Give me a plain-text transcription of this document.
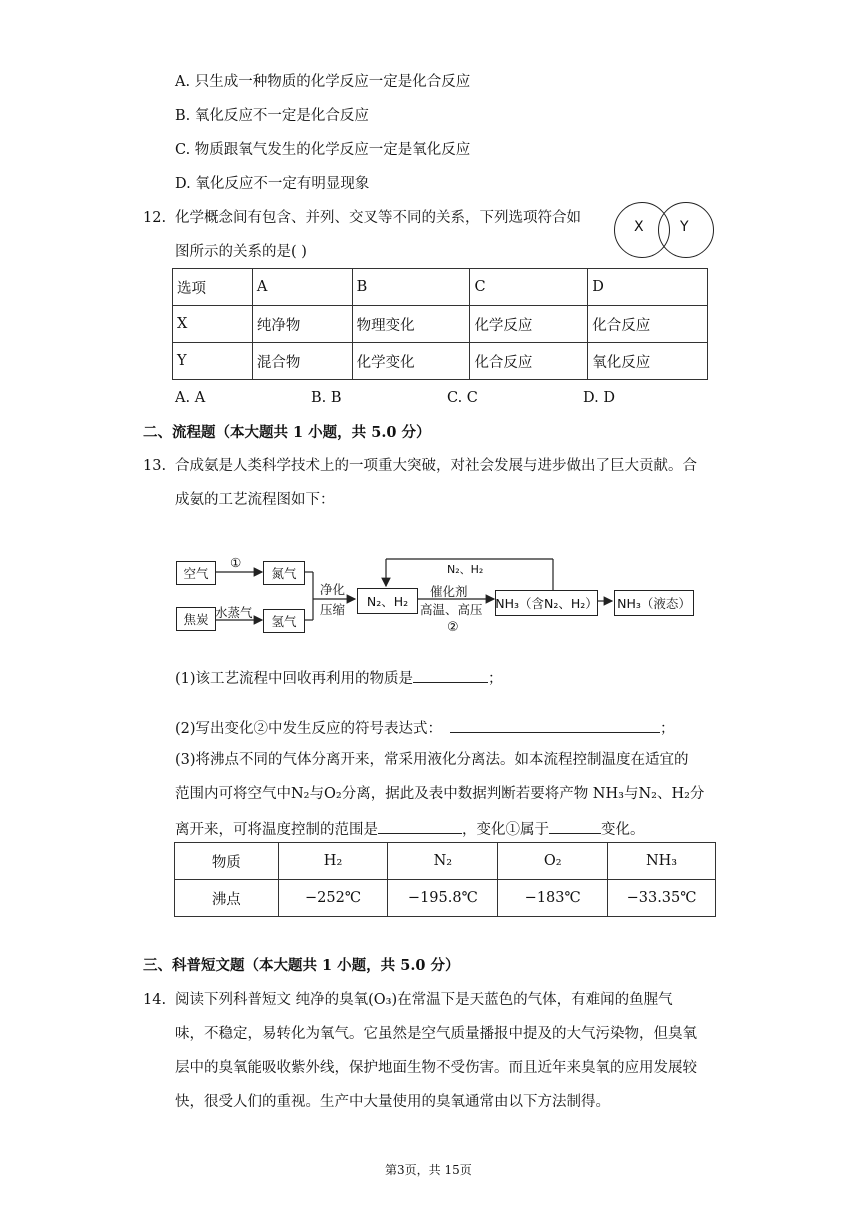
A. 只生成一种物质的化学反应一定是化合反应
B. 氧化反应不一定是化合反应
C. 物质跟氧气发生的化学反应一定是氧化反应
D. 氧化反应不一定有明显现象
12. 化学概念间有包含、并列、交叉等不同的关系，下列选项符合如
图所示的关系的是( )
X	Y
选项	A	B	C	D
X	纯净物	物理变化	化学反应	化合反应
Y	混合物	化学变化	化合反应	氧化反应
A. A	B. B	C. C	D. D
二、流程题（本大题共 1 小题，共 5.0 分）
13. 合成氨是人类科学技术上的一项重大突破，对社会发展与进步做出了巨大贡献。合
成氨的工艺流程图如下：
空气
①
氮气
焦炭 水蒸气
氢气
净化
压缩
N₂、H₂
N₂、H₂
催化剂
高温、高压
②
NH₃（含N₂、H₂） NH₃（液态）
(1)该工艺流程中回收再利用的物质是	；
(2)写出变化②中发生反应的符号表达式：	；
(3)将沸点不同的气体分离开来，常采用液化分离法。如本流程控制温度在适宜的
范围内可将空气中N₂与O₂分离，据此及表中数据判断若要将产物 NH₃与N₂、H₂分
离开来，可将温度控制的范围是	，变化①属于	变化。
物质	H₂	N₂	O₂	NH₃
沸点	−252℃	−195.8℃	−183℃	−33.35℃
三、科普短文题（本大题共 1 小题，共 5.0 分）
14. 阅读下列科普短文 纯净的臭氧(O₃)在常温下是天蓝色的气体，有难闻的鱼腥气
味，不稳定，易转化为氧气。它虽然是空气质量播报中提及的大气污染物，但臭氧
层中的臭氧能吸收紫外线，保护地面生物不受伤害。而且近年来臭氧的应用发展较
快，很受人们的重视。生产中大量使用的臭氧通常由以下方法制得。
第3页，共 15页
